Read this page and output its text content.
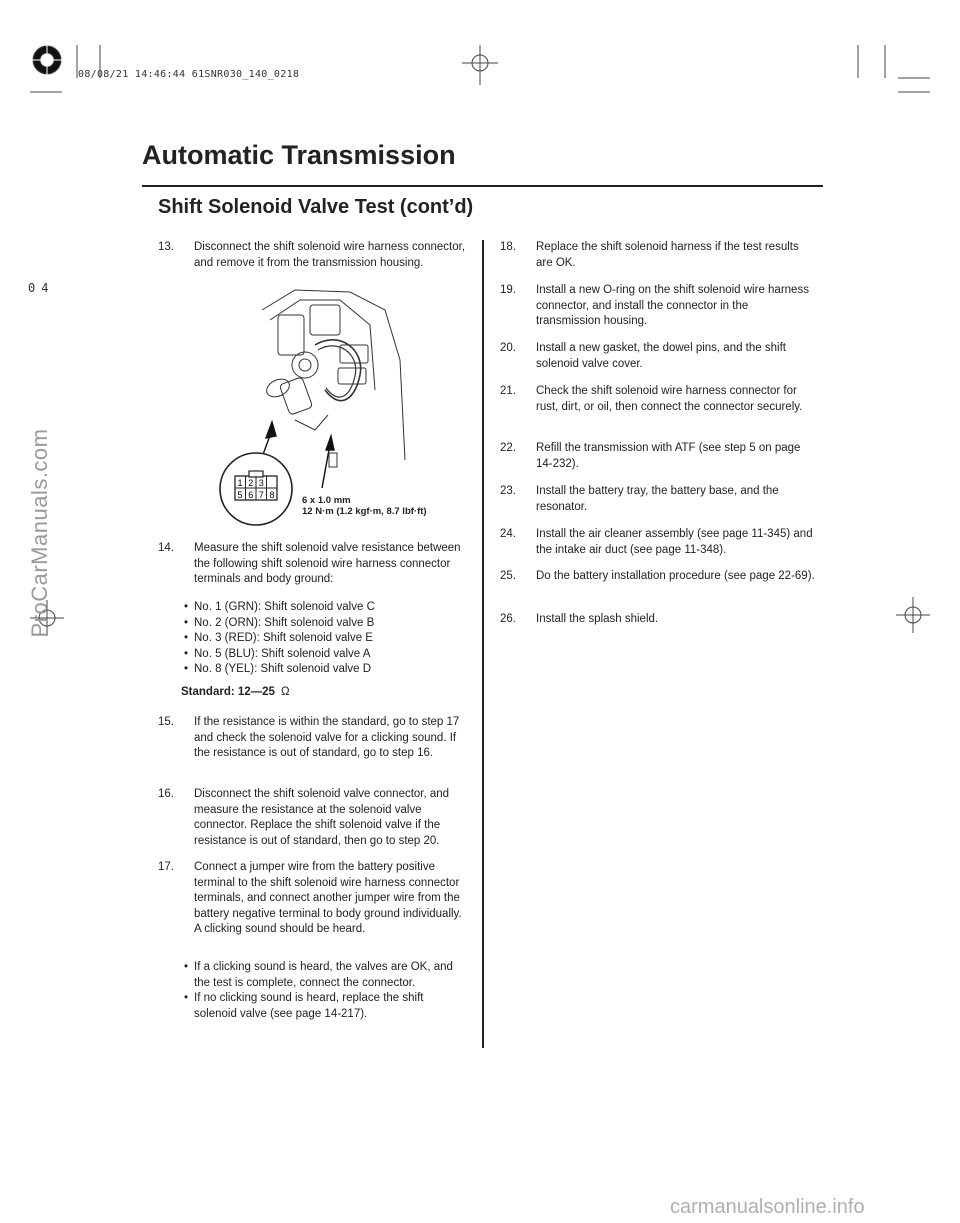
08/08/21 14:46:44 61SNR030_140_0218
Automatic Transmission
Shift Solenoid Valve Test (cont’d)
04
ProCarManuals.com
13.	Disconnect the shift solenoid wire harness connector, and remove it from the transmission housing.
1 2 3
5 6 7 8	6 x 1.0 mm
12 N·m (1.2 kgf·m, 8.7 lbf·ft)
14.	Measure the shift solenoid valve resistance between the following shift solenoid wire harness connector terminals and body ground:
• No. 1 (GRN): Shift solenoid valve C
• No. 2 (ORN): Shift solenoid valve B
• No. 3 (RED): Shift solenoid valve E
• No. 5 (BLU): Shift solenoid valve A
• No. 8 (YEL): Shift solenoid valve D
Standard: 12—25 Ω
15.	If the resistance is within the standard, go to step 17 and check the solenoid valve for a clicking sound. If the resistance is out of standard, go to step 16.
16.	Disconnect the shift solenoid valve connector, and measure the resistance at the solenoid valve connector. Replace the shift solenoid valve if the resistance is out of standard, then go to step 20.
17.	Connect a jumper wire from the battery positive terminal to the shift solenoid wire harness connector terminals, and connect another jumper wire from the battery negative terminal to body ground individually. A clicking sound should be heard.
• If a clicking sound is heard, the valves are OK, and the test is complete, connect the connector.
• If no clicking sound is heard, replace the shift solenoid valve (see page 14-217).
18.	Replace the shift solenoid harness if the test results are OK.
19.	Install a new O-ring on the shift solenoid wire harness connector, and install the connector in the transmission housing.
20.	Install a new gasket, the dowel pins, and the shift solenoid valve cover.
21.	Check the shift solenoid wire harness connector for rust, dirt, or oil, then connect the connector securely.
22.	Refill the transmission with ATF (see step 5 on page 14-232).
23.	Install the battery tray, the battery base, and the resonator.
24.	Install the air cleaner assembly (see page 11-345) and the intake air duct (see page 11-348).
25.	Do the battery installation procedure (see page 22-69).
26.	Install the splash shield.
carmanualsonline.info
